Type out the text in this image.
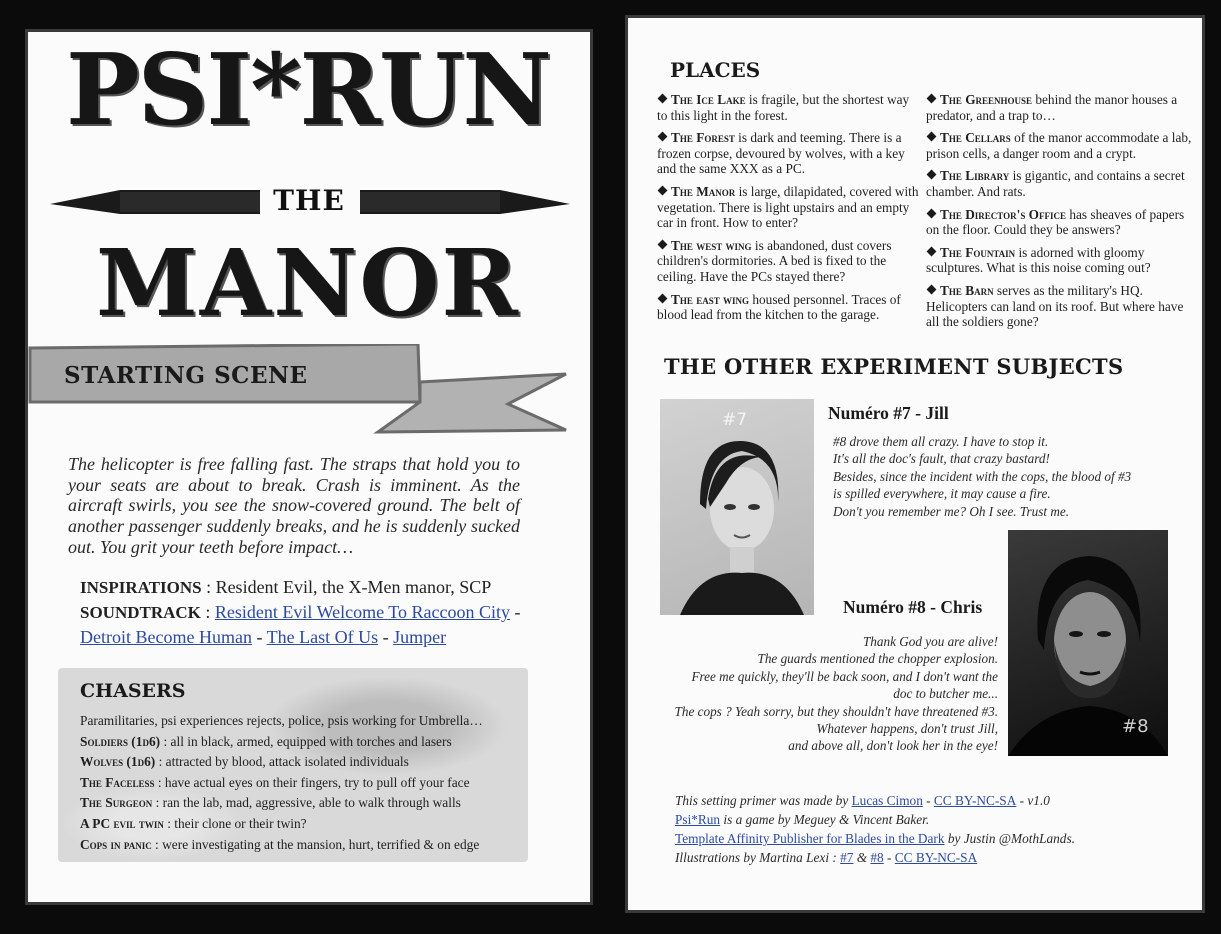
PSI*RUN
THE
MANOR
STARTING SCENE

The helicopter is free falling fast. The straps that hold you to your seats are about to break. Crash is imminent. As the aircraft swirls, you see the snow-covered ground. The belt of another passenger suddenly breaks, and he is suddenly sucked out. You grit your teeth before impact…

INSPIRATIONS : Resident Evil, the X-Men manor, SCP
SOUNDTRACK : Resident Evil Welcome To Raccoon City -
Detroit Become Human - The Last Of Us - Jumper
CHASERS
Paramilitaries, psi experiences rejects, police, psis working for Umbrella…
Soldiers (1d6) : all in black, armed, equipped with torches and lasers
Wolves (1d6) : attracted by blood, attack isolated individuals
The Faceless : have actual eyes on their fingers, try to pull off your face
The Surgeon : ran the lab, mad, aggressive, able to walk through walls
A PC evil twin : their clone or their twin?
Cops in panic : were investigating at the mansion, hurt, terrified & on edge
PLACES
The Ice Lake is fragile, but the shortest way to this light in the forest.
The Forest is dark and teeming. There is a frozen corpse, devoured by wolves, with a key and the same XXX as a PC.
The Manor is large, dilapidated, covered with vegetation. There is light upstairs and an empty car in front. How to enter?
The west wing is abandoned, dust covers children's dormitories. A bed is fixed to the ceiling. Have the PCs stayed there?
The east wing housed personnel. Traces of blood lead from the kitchen to the garage.
The Greenhouse behind the manor houses a predator, and a trap to…
The Cellars of the manor accommodate a lab, prison cells, a danger room and a crypt.
The Library is gigantic, and contains a secret chamber. And rats.
The Director's Office has sheaves of papers on the floor. Could they be answers?
The Fountain is adorned with gloomy sculptures. What is this noise coming out?
The Barn serves as the military's HQ. Helicopters can land on its roof. But where have all the soldiers gone?
THE OTHER EXPERIMENT SUBJECTS
#7	Numéro #7 - Jill
#8 drove them all crazy. I have to stop it.
It's all the doc's fault, that crazy bastard!
Besides, since the incident with the cops, the blood of #3
is spilled everywhere, it may cause a fire.
Don't you remember me? Oh I see. Trust me.
#8
Numéro #8 - Chris
Thank God you are alive!
The guards mentioned the chopper explosion.
Free me quickly, they'll be back soon, and I don't want the
doc to butcher me...
The cops ? Yeah sorry, but they shouldn't have threatened #3.
Whatever happens, don't trust Jill,
and above all, don't look her in the eye!
This setting primer was made by Lucas Cimon - CC BY-NC-SA - v1.0
Psi*Run is a game by Meguey & Vincent Baker.
Template Affinity Publisher for Blades in the Dark by Justin @MothLands.
Illustrations by Martina Lexi : #7 & #8 - CC BY-NC-SA
